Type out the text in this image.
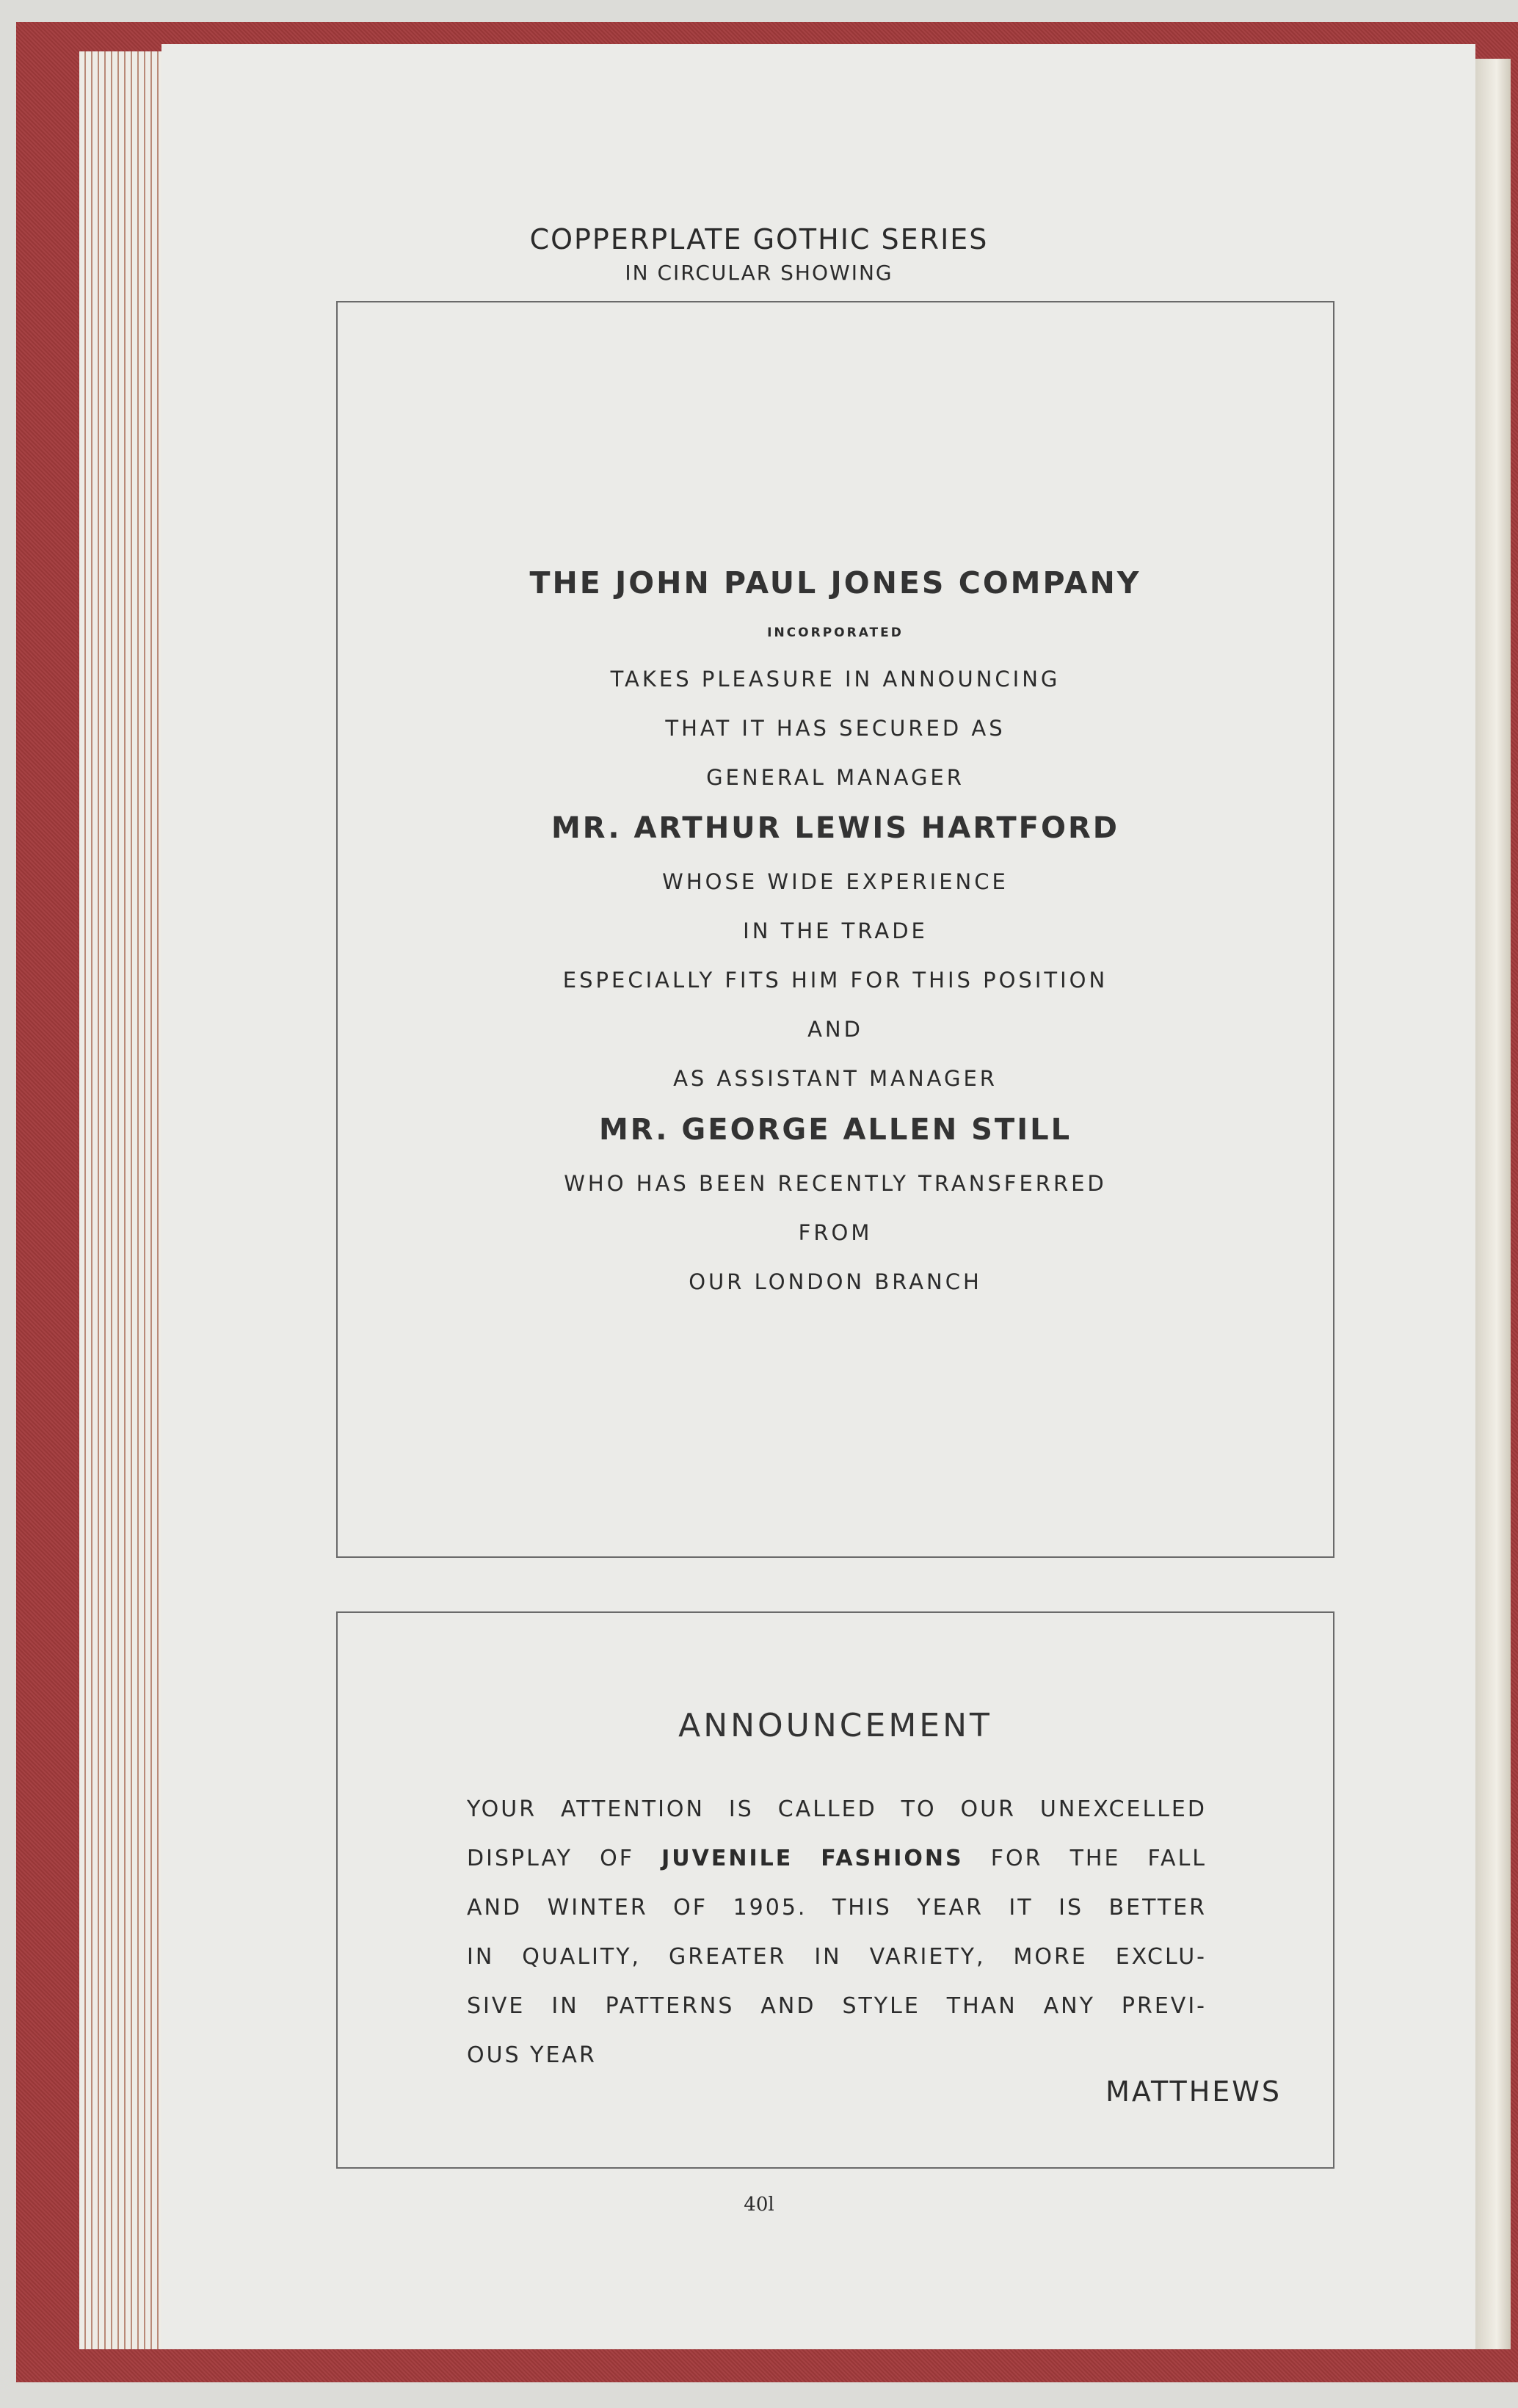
COPPERPLATE GOTHIC SERIES
IN CIRCULAR SHOWING
THE JOHN PAUL JONES COMPANY
INCORPORATED
TAKES PLEASURE IN ANNOUNCING
THAT IT HAS SECURED AS
GENERAL MANAGER
MR. ARTHUR LEWIS HARTFORD
WHOSE WIDE EXPERIENCE
IN THE TRADE
ESPECIALLY FITS HIM FOR THIS POSITION
AND
AS ASSISTANT MANAGER
MR. GEORGE ALLEN STILL
WHO HAS BEEN RECENTLY TRANSFERRED
FROM
OUR LONDON BRANCH
ANNOUNCEMENT
YOUR ATTENTION IS CALLED TO OUR UNEXCELLED
DISPLAY OF JUVENILE FASHIONS FOR THE FALL
AND WINTER OF 1905. THIS YEAR IT IS BETTER
IN QUALITY, GREATER IN VARIETY, MORE EXCLU-
SIVE IN PATTERNS AND STYLE THAN ANY PREVI-
OUS YEAR
MATTHEWS
40l
